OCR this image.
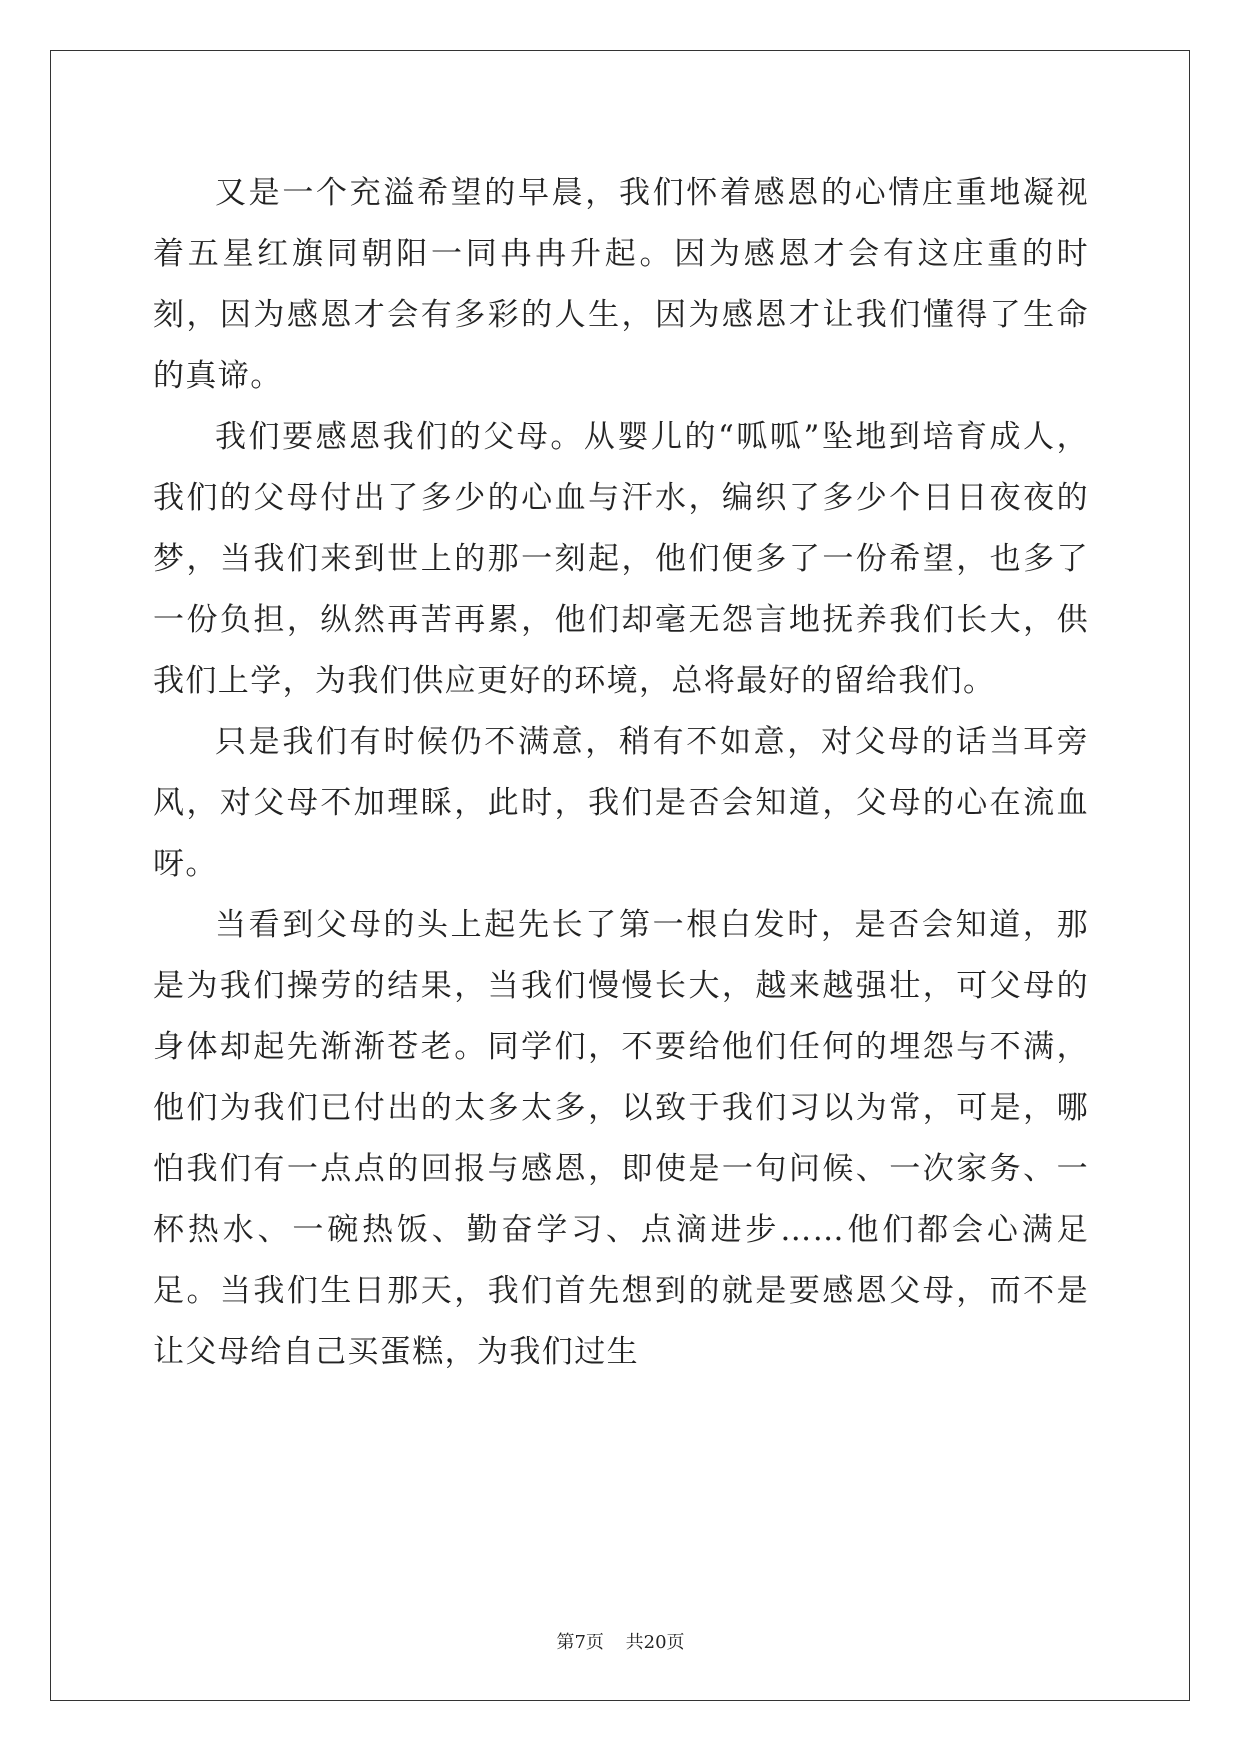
又是一个充溢希望的早晨，我们怀着感恩的心情庄重地凝视着五星红旗同朝阳一同冉冉升起。因为感恩才会有这庄重的时刻，因为感恩才会有多彩的人生，因为感恩才让我们懂得了生命的真谛。

我们要感恩我们的父母。从婴儿的“呱呱”坠地到培育成人，我们的父母付出了多少的心血与汗水，编织了多少个日日夜夜的梦，当我们来到世上的那一刻起，他们便多了一份希望，也多了一份负担，纵然再苦再累，他们却毫无怨言地抚养我们长大，供我们上学，为我们供应更好的环境，总将最好的留给我们。

只是我们有时候仍不满意，稍有不如意，对父母的话当耳旁风，对父母不加理睬，此时，我们是否会知道，父母的心在流血呀。

当看到父母的头上起先长了第一根白发时，是否会知道，那是为我们操劳的结果，当我们慢慢长大，越来越强壮，可父母的身体却起先渐渐苍老。同学们，不要给他们任何的埋怨与不满，他们为我们已付出的太多太多，以致于我们习以为常，可是，哪怕我们有一点点的回报与感恩，即使是一句问候、一次家务、一杯热水、一碗热饭、勤奋学习、点滴进步……他们都会心满足足。当我们生日那天，我们首先想到的就是要感恩父母，而不是让父母给自己买蛋糕，为我们过生

第7页 共20页
